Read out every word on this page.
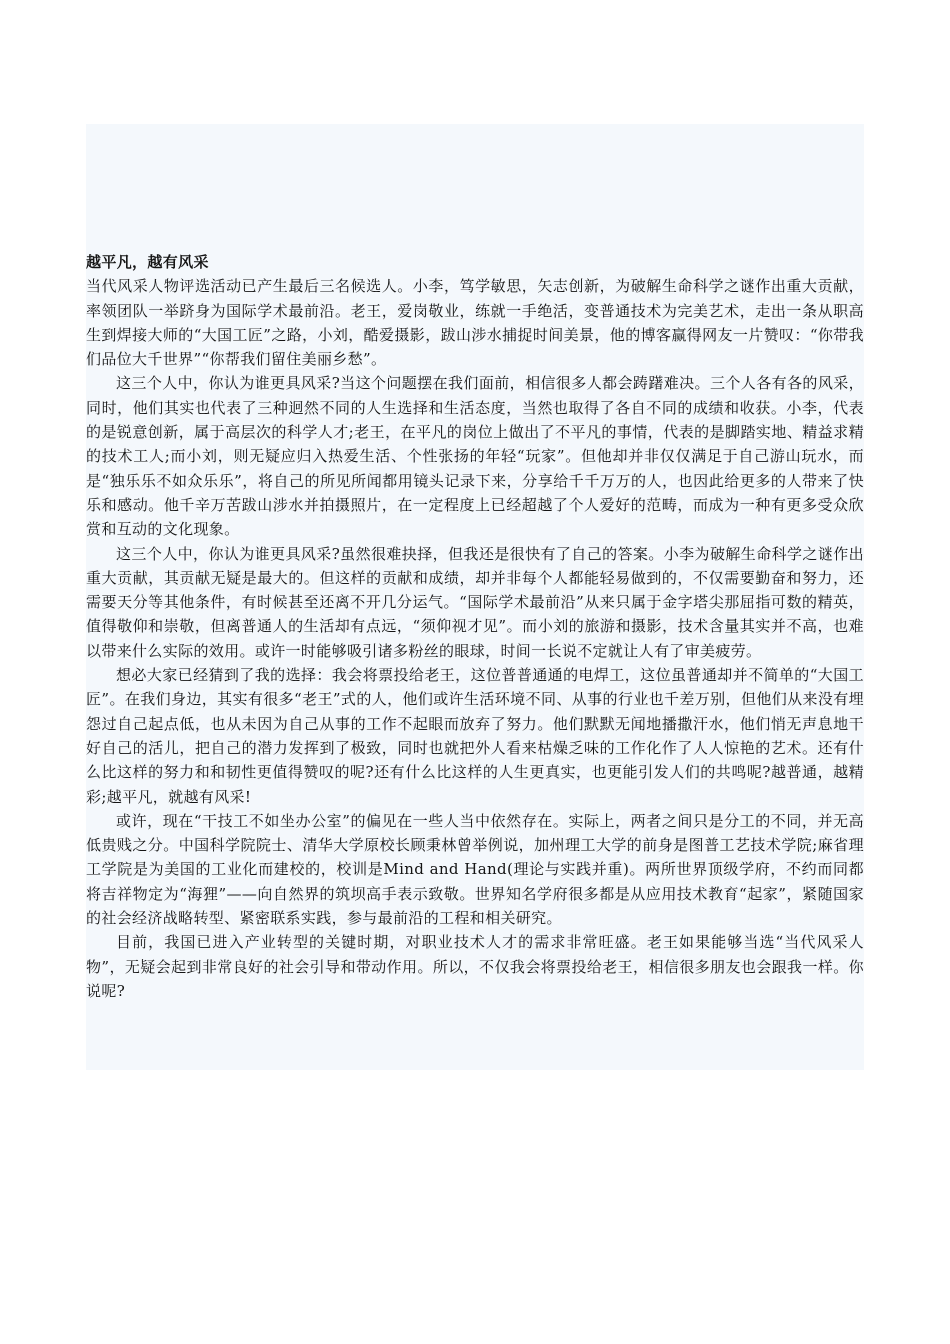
越平凡，越有风采

当代风采人物评选活动已产生最后三名候选人。小李，笃学敏思，矢志创新，为破解生命科学之谜作出重大贡献，率领团队一举跻身为国际学术最前沿。老王，爱岗敬业，练就一手绝活，变普通技术为完美艺术，走出一条从职高生到焊接大师的“大国工匠”之路，小刘，酷爱摄影，跋山涉水捕捉时间美景，他的博客赢得网友一片赞叹：“你带我们品位大千世界”“你帮我们留住美丽乡愁”。

这三个人中，你认为谁更具风采?当这个问题摆在我们面前，相信很多人都会踌躇难决。三个人各有各的风采，同时，他们其实也代表了三种迥然不同的人生选择和生活态度，当然也取得了各自不同的成绩和收获。小李，代表的是锐意创新，属于高层次的科学人才;老王，在平凡的岗位上做出了不平凡的事情，代表的是脚踏实地、精益求精的技术工人;而小刘，则无疑应归入热爱生活、个性张扬的年轻“玩家”。但他却并非仅仅满足于自己游山玩水，而是“独乐乐不如众乐乐”，将自己的所见所闻都用镜头记录下来，分享给千千万万的人，也因此给更多的人带来了快乐和感动。他千辛万苦跋山涉水并拍摄照片，在一定程度上已经超越了个人爱好的范畴，而成为一种有更多受众欣赏和互动的文化现象。

这三个人中，你认为谁更具风采?虽然很难抉择，但我还是很快有了自己的答案。小李为破解生命科学之谜作出重大贡献，其贡献无疑是最大的。但这样的贡献和成绩，却并非每个人都能轻易做到的，不仅需要勤奋和努力，还需要天分等其他条件，有时候甚至还离不开几分运气。“国际学术最前沿”从来只属于金字塔尖那屈指可数的精英，值得敬仰和崇敬，但离普通人的生活却有点远，“须仰视才见”。而小刘的旅游和摄影，技术含量其实并不高，也难以带来什么实际的效用。或许一时能够吸引诸多粉丝的眼球，时间一长说不定就让人有了审美疲劳。

想必大家已经猜到了我的选择：我会将票投给老王，这位普普通通的电焊工，这位虽普通却并不简单的“大国工匠”。在我们身边，其实有很多“老王”式的人，他们或许生活环境不同、从事的行业也千差万别，但他们从来没有埋怨过自己起点低，也从未因为自己从事的工作不起眼而放弃了努力。他们默默无闻地播撒汗水，他们悄无声息地干好自己的活儿，把自己的潜力发挥到了极致，同时也就把外人看来枯燥乏味的工作化作了人人惊艳的艺术。还有什么比这样的努力和和韧性更值得赞叹的呢?还有什么比这样的人生更真实，也更能引发人们的共鸣呢?越普通，越精彩;越平凡，就越有风采!

或许，现在“干技工不如坐办公室”的偏见在一些人当中依然存在。实际上，两者之间只是分工的不同，并无高低贵贱之分。中国科学院院士、清华大学原校长顾秉林曾举例说，加州理工大学的前身是图普工艺技术学院;麻省理工学院是为美国的工业化而建校的，校训是Mind and Hand(理论与实践并重)。两所世界顶级学府，不约而同都将吉祥物定为“海狸”——向自然界的筑坝高手表示致敬。世界知名学府很多都是从应用技术教育“起家”，紧随国家的社会经济战略转型、紧密联系实践，参与最前沿的工程和相关研究。

目前，我国已进入产业转型的关键时期，对职业技术人才的需求非常旺盛。老王如果能够当选“当代风采人物”，无疑会起到非常良好的社会引导和带动作用。所以，不仅我会将票投给老王，相信很多朋友也会跟我一样。你说呢?
